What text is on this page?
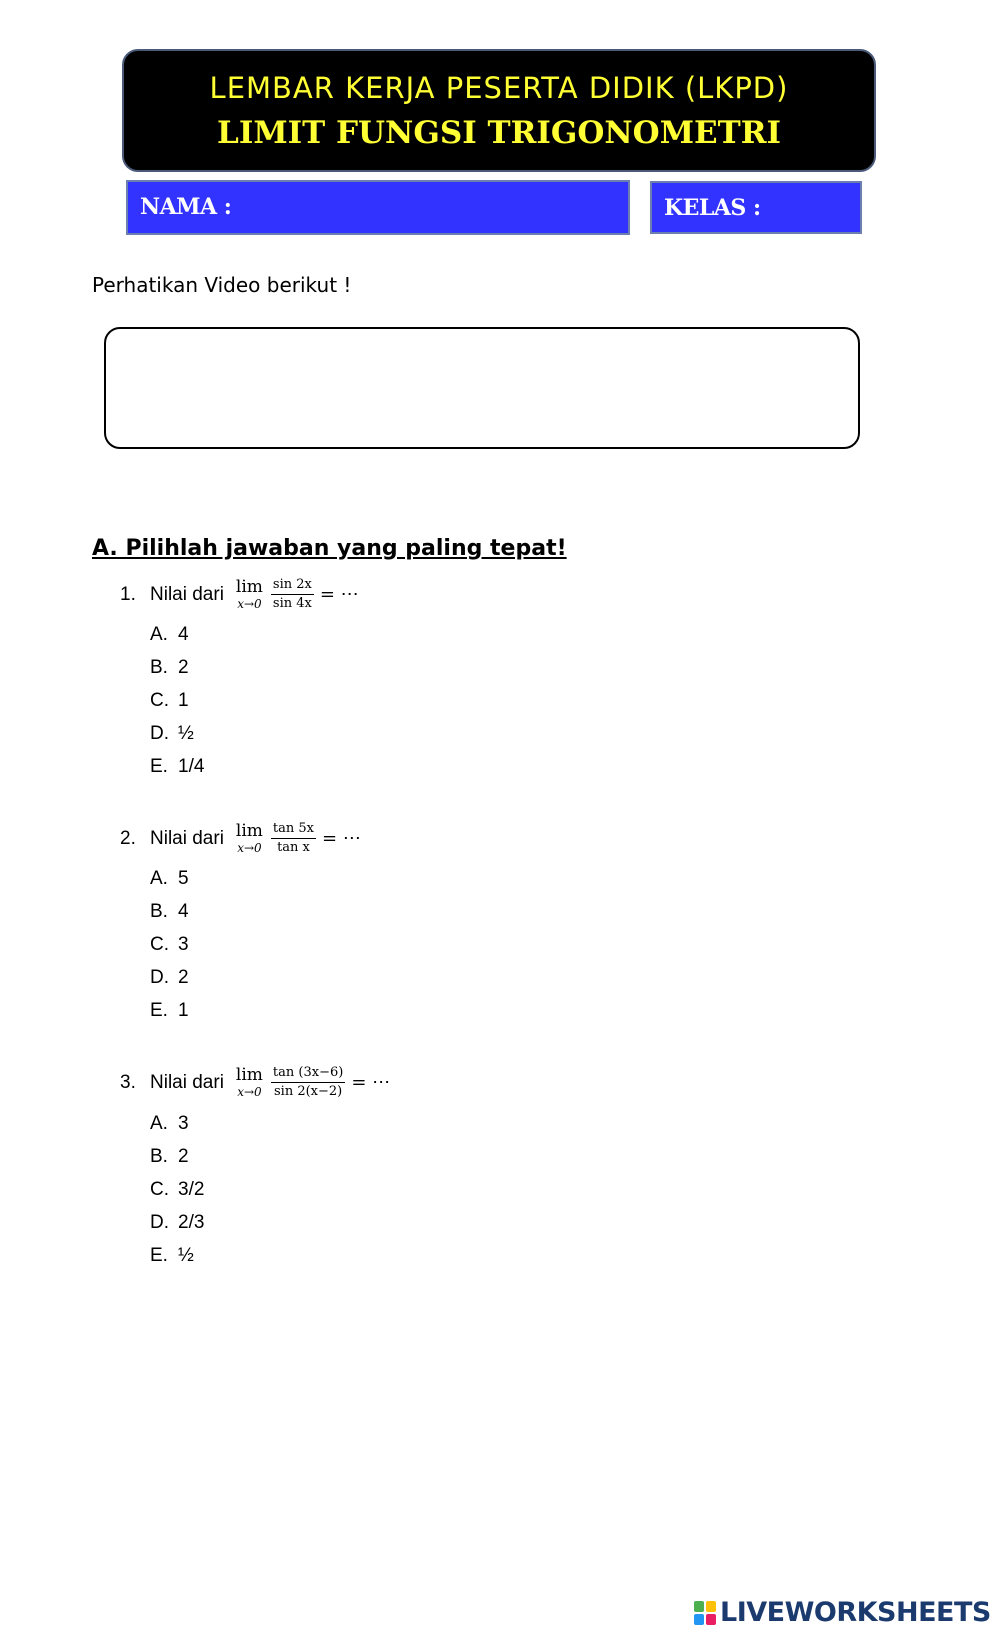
LEMBAR KERJA PESERTA DIDIK (LKPD)
LIMIT FUNGSI TRIGONOMETRI
NAMA :	KELAS :
Perhatikan Video berikut !
A. Pilihlah jawaban yang paling tepat!
1. Nilai dari lim
$x\to 0 \frac{\sin 2x}{\sin 4x}$ = ⋯
A. 4
B. 2
C. 1
D. ½
E. 1/4
2. Nilai dari lim
$x\to 0 \frac{\tan 5x}{\text{tan x}}$ = ⋯
A. 5
B. 4
C. 3
D. 2
E. 1
3. Nilai dari lim
$x\to 0 \frac{\tan (3x-6)}{\sin 2(x-2)}$ = ⋯
A. 3
B. 2
C. 3/2
D. 2/3
E. ½
LIVEWORKSHEETS
